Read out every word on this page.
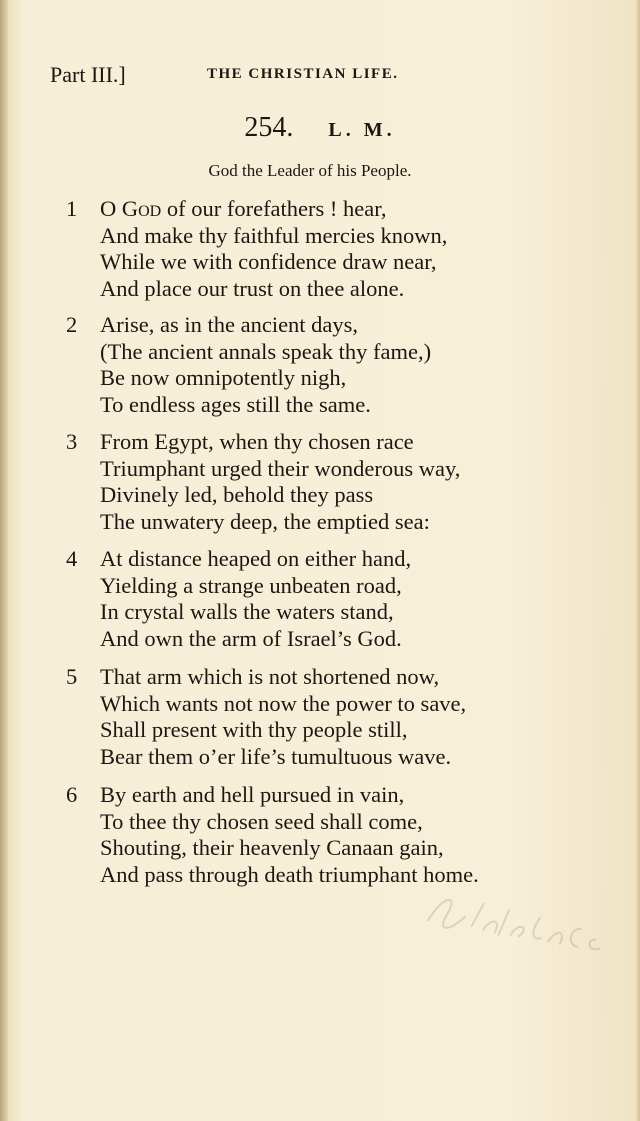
Part III.]	THE CHRISTIAN LIFE.
254. L. M.
God the Leader of his People.
1	O God of our forefathers ! hear,
And make thy faithful mercies known,
While we with confidence draw near,
And place our trust on thee alone.
2	Arise, as in the ancient days,
(The ancient annals speak thy fame,)
Be now omnipotently nigh,
To endless ages still the same.
3	From Egypt, when thy chosen race
Triumphant urged their wonderous way,
Divinely led, behold they pass
The unwatery deep, the emptied sea:
4	At distance heaped on either hand,
Yielding a strange unbeaten road,
In crystal walls the waters stand,
And own the arm of Israel’s God.
5	That arm which is not shortened now,
Which wants not now the power to save,
Shall present with thy people still,
Bear them o’er life’s tumultuous wave.
6	By earth and hell pursued in vain,
To thee thy chosen seed shall come,
Shouting, their heavenly Canaan gain,
And pass through death triumphant home.
